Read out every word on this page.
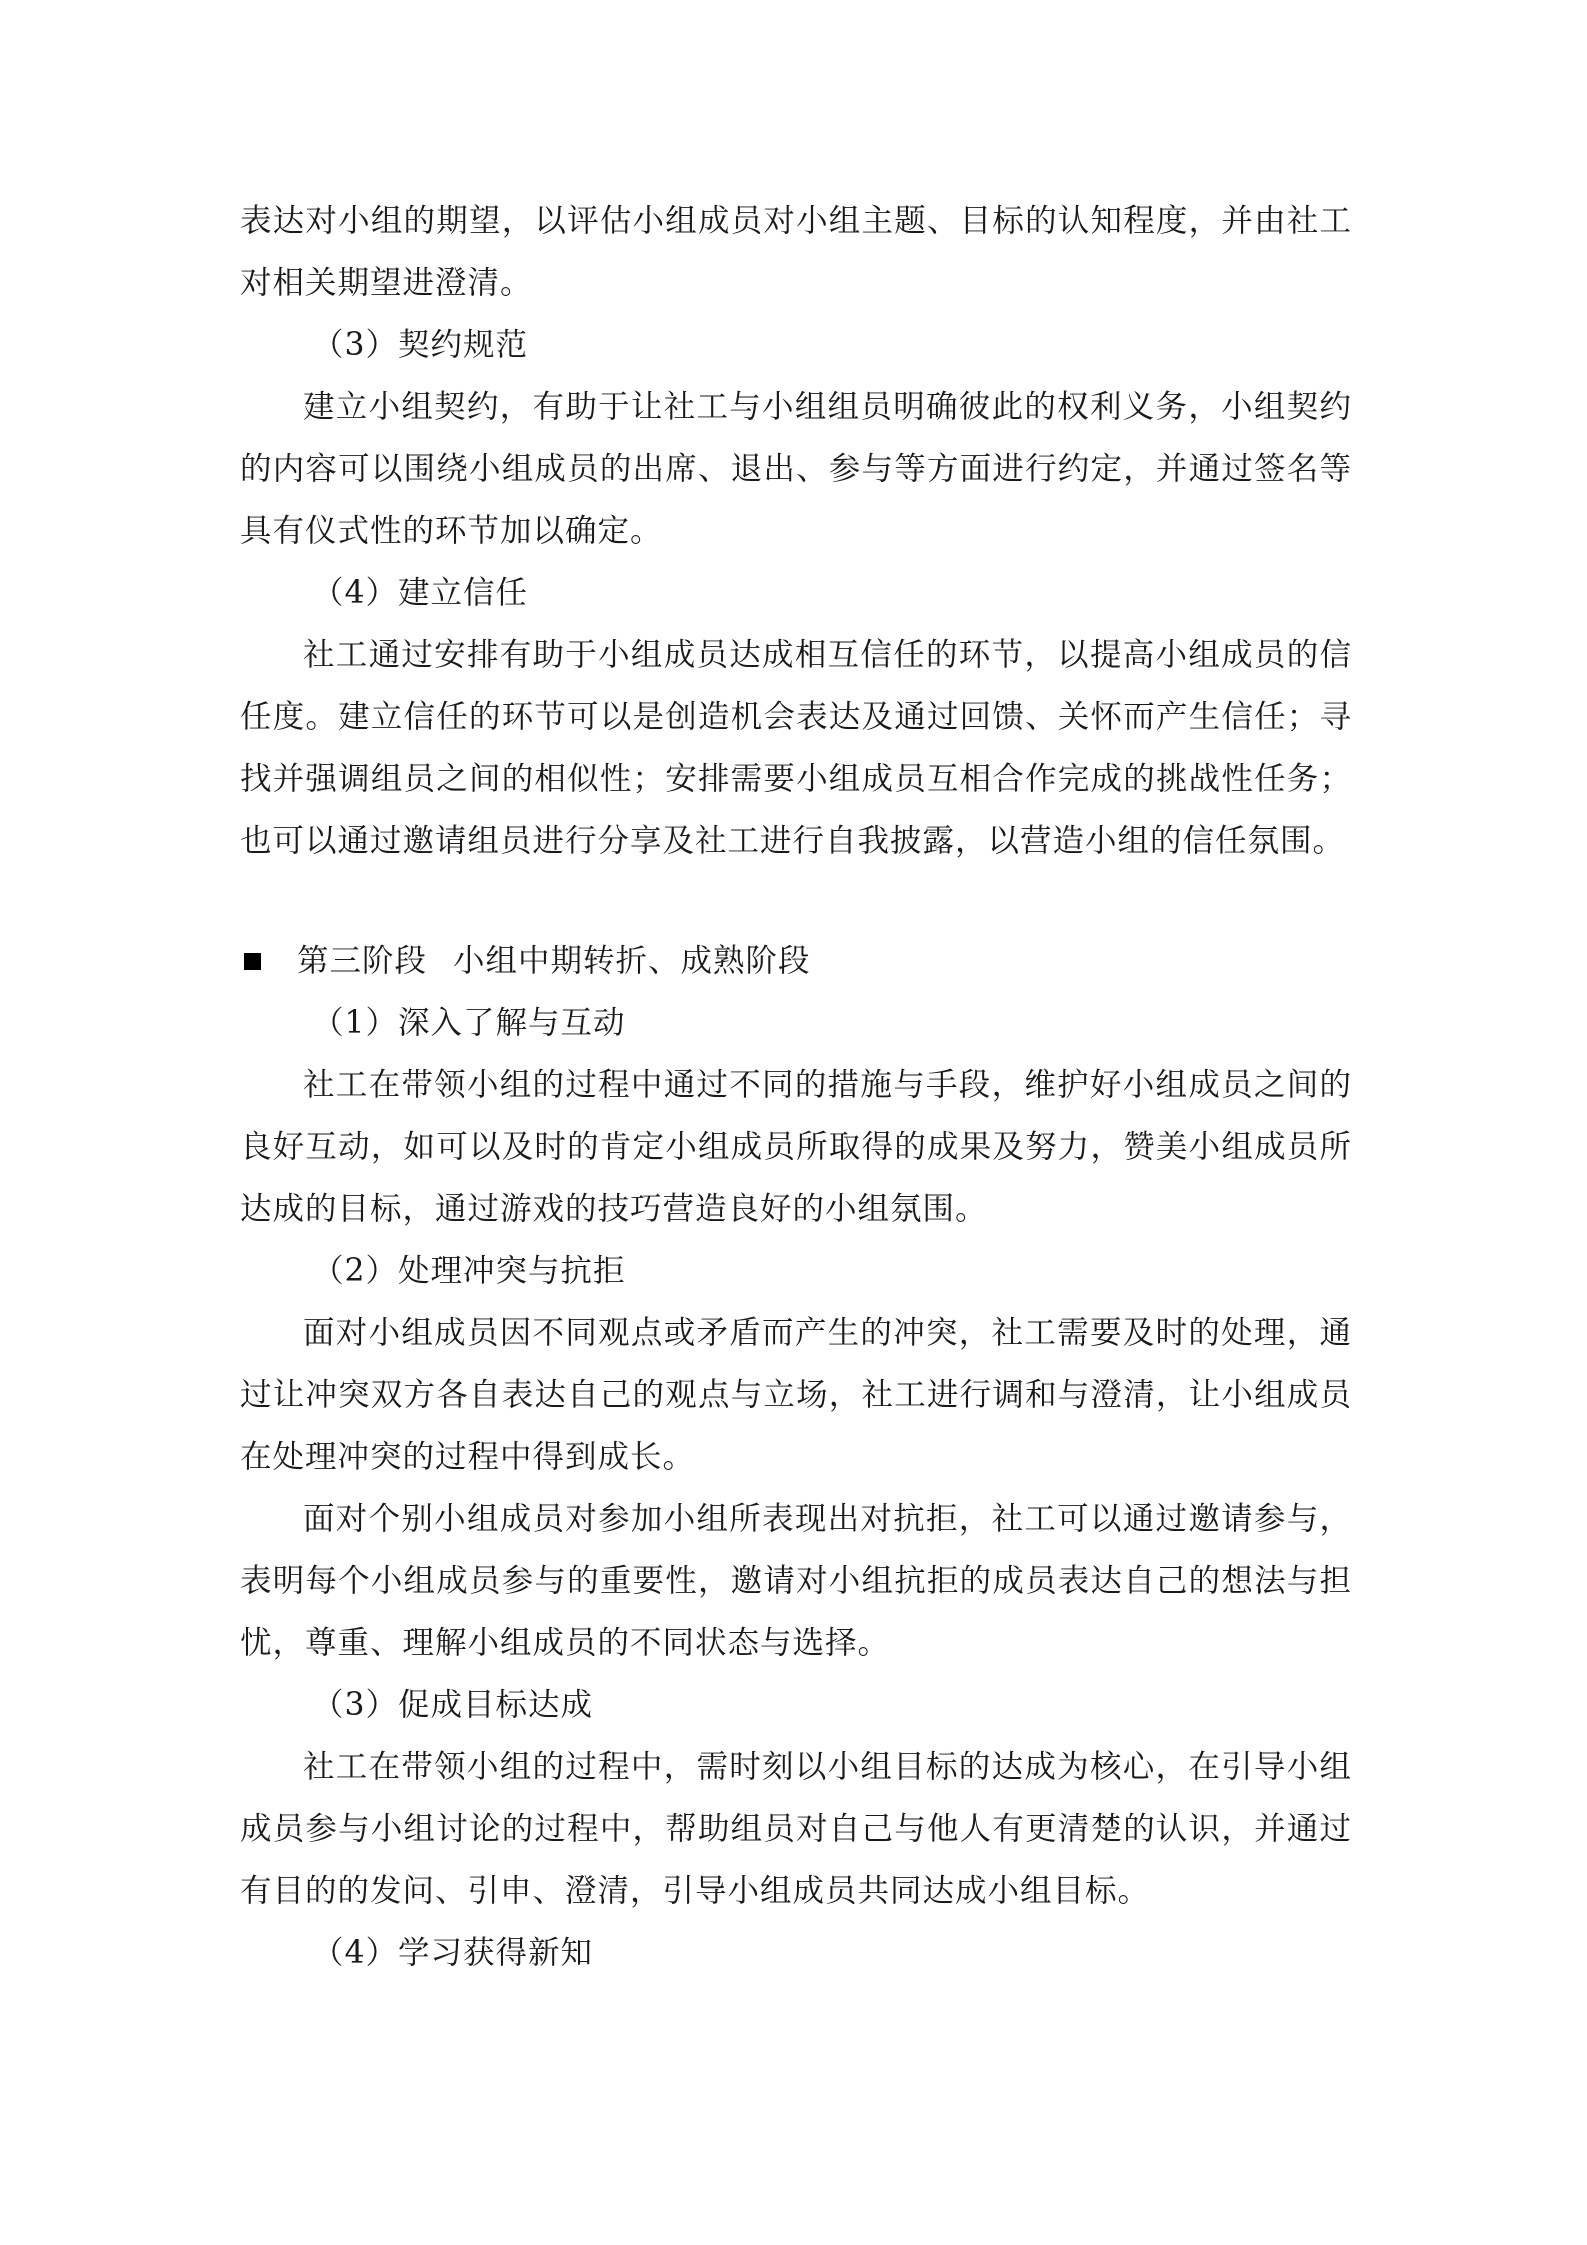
表达对小组的期望，以评估小组成员对小组主题、目标的认知程度，并由社工对相关期望进澄清。

（3）契约规范

建立小组契约，有助于让社工与小组组员明确彼此的权利义务，小组契约的内容可以围绕小组成员的出席、退出、参与等方面进行约定，并通过签名等具有仪式性的环节加以确定。

（4）建立信任

社工通过安排有助于小组成员达成相互信任的环节，以提高小组成员的信任度。建立信任的环节可以是创造机会表达及通过回馈、关怀而产生信任；寻找并强调组员之间的相似性；安排需要小组成员互相合作完成的挑战性任务；也可以通过邀请组员进行分享及社工进行自我披露，以营造小组的信任氛围。

第三阶段 小组中期转折、成熟阶段

（1）深入了解与互动

社工在带领小组的过程中通过不同的措施与手段，维护好小组成员之间的良好互动，如可以及时的肯定小组成员所取得的成果及努力，赞美小组成员所达成的目标，通过游戏的技巧营造良好的小组氛围。

（2）处理冲突与抗拒

面对小组成员因不同观点或矛盾而产生的冲突，社工需要及时的处理，通过让冲突双方各自表达自己的观点与立场，社工进行调和与澄清，让小组成员在处理冲突的过程中得到成长。

面对个别小组成员对参加小组所表现出对抗拒，社工可以通过邀请参与，表明每个小组成员参与的重要性，邀请对小组抗拒的成员表达自己的想法与担忧，尊重、理解小组成员的不同状态与选择。

（3）促成目标达成

社工在带领小组的过程中，需时刻以小组目标的达成为核心，在引导小组成员参与小组讨论的过程中，帮助组员对自己与他人有更清楚的认识，并通过有目的的发问、引申、澄清，引导小组成员共同达成小组目标。

（4）学习获得新知
